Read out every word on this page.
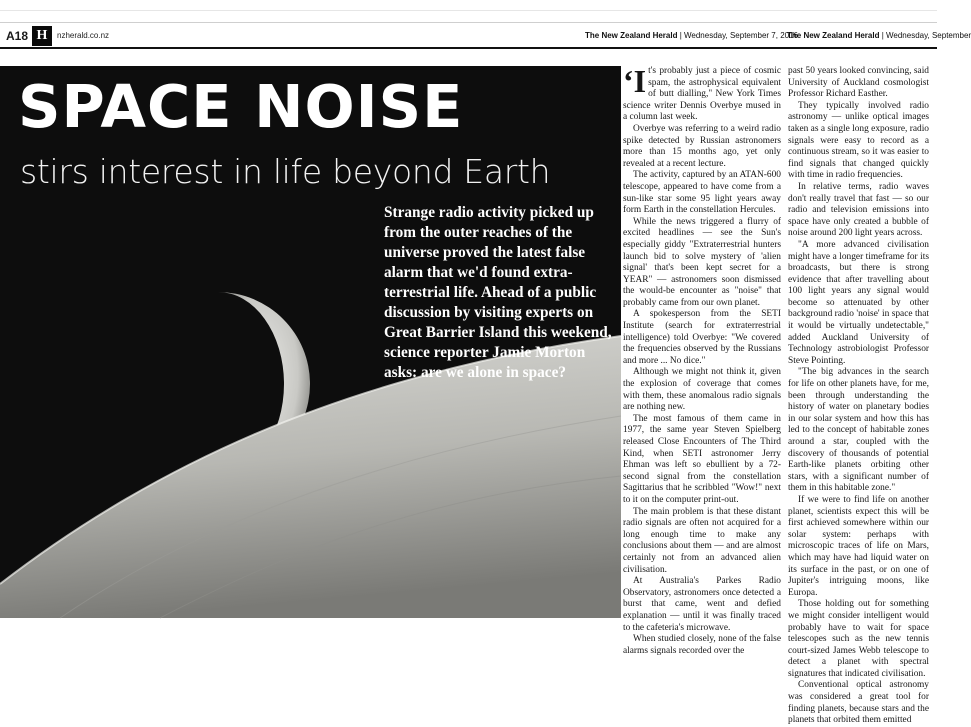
A18 H	nzherald.co.nz	The New Zealand Herald | Wednesday, September 7, 2016
The New Zealand Herald | Wednesday, September
SPACE NOISE
stirs interest in life beyond Earth
Strange radio activity picked up from the outer reaches of the universe proved the latest false alarm that we'd found extra-terrestrial life. Ahead of a public discussion by visiting experts on Great Barrier Island this weekend, science reporter Jamie Morton asks: are we alone in space?
‘I t's probably just a piece of cosmic spam, the astrophysical equivalent of butt dialling," New York Times science writer Dennis Overbye mused in a column last week.

Overbye was referring to a weird radio spike detected by Russian astronomers more than 15 months ago, yet only revealed at a recent lecture.

The activity, captured by an ATAN-600 telescope, appeared to have come from a sun-like star some 95 light years away form Earth in the constellation Hercules.

While the news triggered a flurry of excited headlines — see the Sun's especially giddy "Extraterrestrial hunters launch bid to solve mystery of 'alien signal' that's been kept secret for a YEAR" — astronomers soon dismissed the would-be encounter as "noise" that probably came from our own planet.

A spokesperson from the SETI Institute (search for extraterrestrial intelligence) told Overbye: "We covered the frequencies observed by the Russians and more ... No dice."

Although we might not think it, given the explosion of coverage that comes with them, these anomalous radio signals are nothing new.

The most famous of them came in 1977, the same year Steven Spielberg released Close Encounters of The Third Kind, when SETI astronomer Jerry Ehman was left so ebullient by a 72-second signal from the constellation Sagittarius that he scribbled "Wow!" next to it on the computer print-out.

The main problem is that these distant radio signals are often not acquired for a long enough time to make any conclusions about them — and are almost certainly not from an advanced alien civilisation.

At Australia's Parkes Radio Observatory, astronomers once detected a burst that came, went and defied explanation — until it was finally traced to the cafeteria's microwave.

When studied closely, none of the false alarms signals recorded over the

past 50 years looked convincing, said University of Auckland cosmologist Professor Richard Easther.

They typically involved radio astronomy — unlike optical images taken as a single long exposure, radio signals were easy to record as a continuous stream, so it was easier to find signals that changed quickly with time in radio frequencies.

In relative terms, radio waves don't really travel that fast — so our radio and television emissions into space have only created a bubble of noise around 200 light years across.

"A more advanced civilisation might have a longer timeframe for its broadcasts, but there is strong evidence that after travelling about 100 light years any signal would become so attenuated by other background radio 'noise' in space that it would be virtually undetectable," added Auckland University of Technology astrobiologist Professor Steve Pointing.

"The big advances in the search for life on other planets have, for me, been through understanding the history of water on planetary bodies in our solar system and how this has led to the concept of habitable zones around a star, coupled with the discovery of thousands of potential Earth-like planets orbiting other stars, with a significant number of them in this habitable zone."

If we were to find life on another planet, scientists expect this will be first achieved somewhere within our solar system: perhaps with microscopic traces of life on Mars, which may have had liquid water on its surface in the past, or on one of Jupiter's intriguing moons, like Europa.

Those holding out for something we might consider intelligent would probably have to wait for space telescopes such as the new tennis court-sized James Webb telescope to detect a planet with spectral signatures that indicated civilisation.

Conventional optical astronomy was considered a great tool for finding planets, because stars and the planets that orbited them emitted
